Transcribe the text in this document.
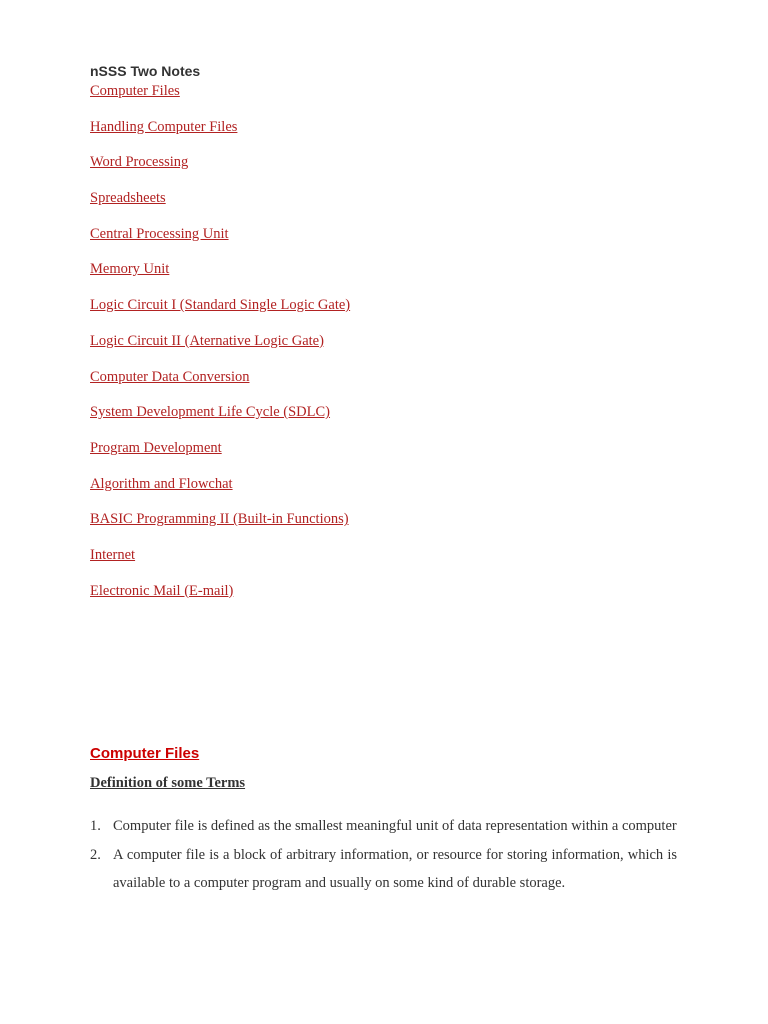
nSSS Two Notes
Computer Files
Handling Computer Files
Word Processing
Spreadsheets
Central Processing Unit
Memory Unit
Logic Circuit I (Standard Single Logic Gate)
Logic Circuit II (Aternative Logic Gate)
Computer Data Conversion
System Development Life Cycle (SDLC)
Program Development
Algorithm and Flowchat
BASIC Programming II (Built-in Functions)
Internet
Electronic Mail (E-mail)
Computer Files
Definition of some Terms
1. Computer file is defined as the smallest meaningful unit of data representation within a computer
2. A computer file is a block of arbitrary information, or resource for storing information, which is available to a computer program and usually on some kind of durable storage.
